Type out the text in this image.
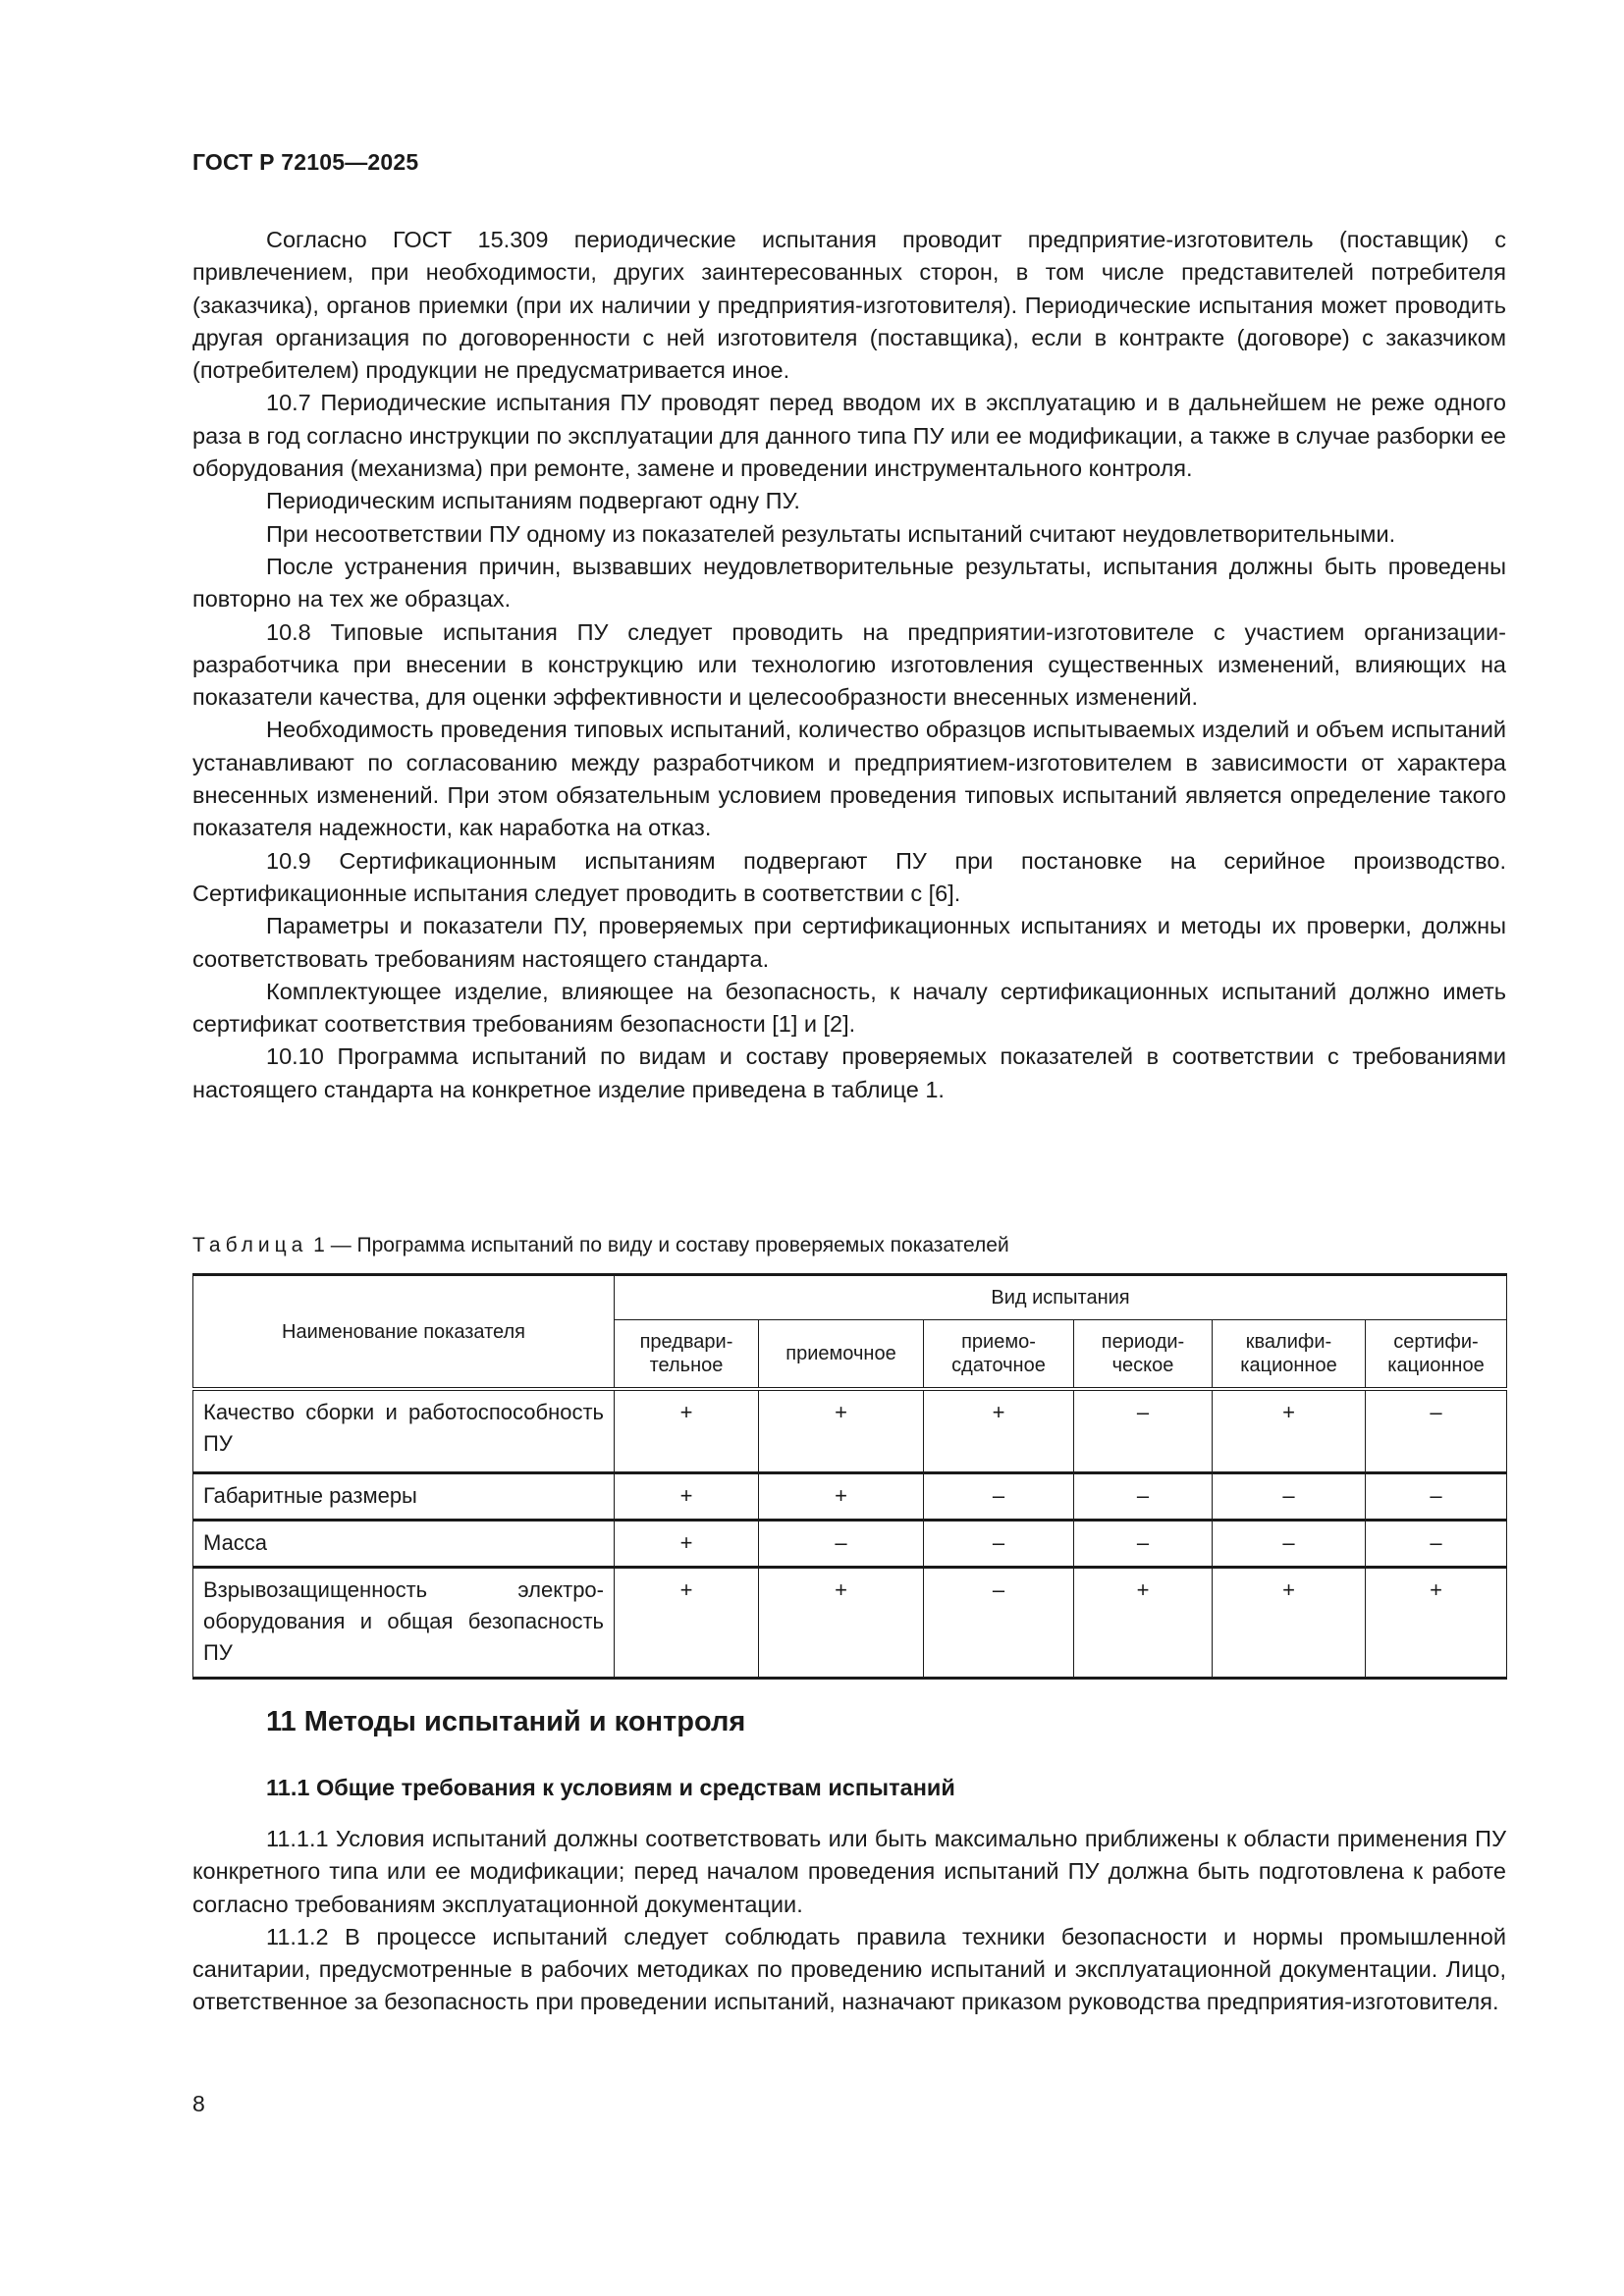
ГОСТ Р 72105—2025

Согласно ГОСТ 15.309 периодические испытания проводит предприятие-изготовитель (поставщик) с привлечением, при необходимости, других заинтересованных сторон, в том числе представителей потребителя (заказчика), органов приемки (при их наличии у предприятия-изготовителя). Периодические испытания может проводить другая организация по договоренности с ней изготовителя (поставщика), если в контракте (договоре) с заказчиком (потребителем) продукции не предусматривается иное.

10.7 Периодические испытания ПУ проводят перед вводом их в эксплуатацию и в дальнейшем не реже одного раза в год согласно инструкции по эксплуатации для данного типа ПУ или ее модификации, а также в случае разборки ее оборудования (механизма) при ремонте, замене и проведении инструментального контроля.

Периодическим испытаниям подвергают одну ПУ.

При несоответствии ПУ одному из показателей результаты испытаний считают неудовлетворительными.

После устранения причин, вызвавших неудовлетворительные результаты, испытания должны быть проведены повторно на тех же образцах.

10.8 Типовые испытания ПУ следует проводить на предприятии-изготовителе с участием организации-разработчика при внесении в конструкцию или технологию изготовления существенных изменений, влияющих на показатели качества, для оценки эффективности и целесообразности внесенных изменений.

Необходимость проведения типовых испытаний, количество образцов испытываемых изделий и объем испытаний устанавливают по согласованию между разработчиком и предприятием-изготовителем в зависимости от характера внесенных изменений. При этом обязательным условием проведения типовых испытаний является определение такого показателя надежности, как наработка на отказ.

10.9 Сертификационным испытаниям подвергают ПУ при постановке на серийное производство. Сертификационные испытания следует проводить в соответствии с [6].

Параметры и показатели ПУ, проверяемых при сертификационных испытаниях и методы их проверки, должны соответствовать требованиям настоящего стандарта.

Комплектующее изделие, влияющее на безопасность, к началу сертификационных испытаний должно иметь сертификат соответствия требованиям безопасности [1] и [2].

10.10 Программа испытаний по видам и составу проверяемых показателей в соответствии с требованиями настоящего стандарта на конкретное изделие приведена в таблице 1.

Таблица 1 — Программа испытаний по виду и составу проверяемых показателей
Наименование показателя	Вид испытания					
	предварительное	приемочное	приемосдаточное	периодическое	квалификационное	сертификационное
Качество сборки и работоспособность ПУ	+	+	+	–	+	–
Габаритные размеры	+	+	–	–	–	–
Масса	+	–	–	–	–	–
Взрывозащищенность электрооборудования и общая безопасность ПУ	+	+	–	+	+	+
11 Методы испытаний и контроля
11.1 Общие требования к условиям и средствам испытаний

11.1.1 Условия испытаний должны соответствовать или быть максимально приближены к области применения ПУ конкретного типа или ее модификации; перед началом проведения испытаний ПУ должна быть подготовлена к работе согласно требованиям эксплуатационной документации.

11.1.2 В процессе испытаний следует соблюдать правила техники безопасности и нормы промышленной санитарии, предусмотренные в рабочих методиках по проведению испытаний и эксплуатационной документации. Лицо, ответственное за безопасность при проведении испытаний, назначают приказом руководства предприятия-изготовителя.

8
